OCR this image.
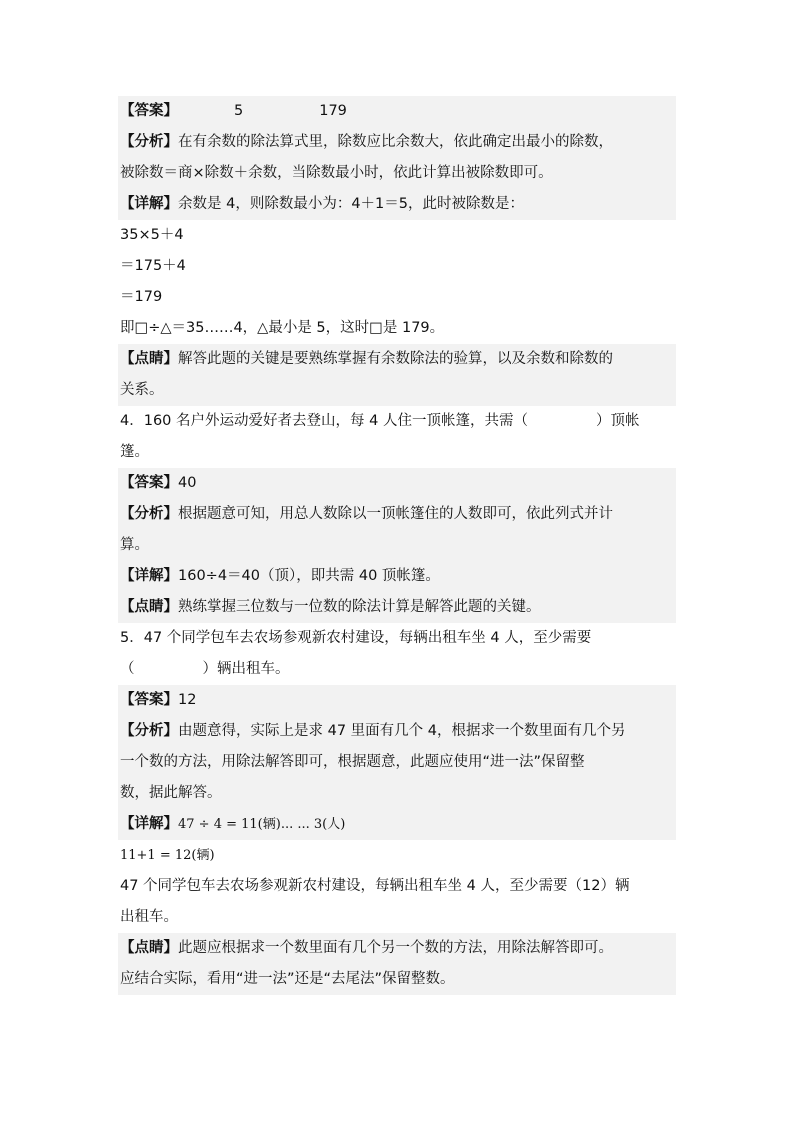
【答案】	5	179
【分析】在有余数的除法算式里，除数应比余数大，依此确定出最小的除数，
被除数＝商×除数＋余数，当除数最小时，依此计算出被除数即可。
【详解】余数是 4，则除数最小为：4＋1＝5，此时被除数是：
35×5＋4
＝175＋4
＝179
即□÷△＝35……4，△最小是 5，这时□是 179。
【点睛】解答此题的关键是要熟练掌握有余数除法的验算，以及余数和除数的
关系。
4．160 名户外运动爱好者去登山，每 4 人住一顶帐篷，共需（	）顶帐
篷。
【答案】40
【分析】根据题意可知，用总人数除以一顶帐篷住的人数即可，依此列式并计
算。
【详解】160÷4＝40（顶），即共需 40 顶帐篷。
【点睛】熟练掌握三位数与一位数的除法计算是解答此题的关键。
5．47 个同学包车去农场参观新农村建设，每辆出租车坐 4 人，至少需要
（	）辆出租车。
【答案】12
【分析】由题意得，实际上是求 47 里面有几个 4，根据求一个数里面有几个另
一个数的方法，用除法解答即可，根据题意，此题应使用“进一法”保留整
数，据此解答。
【详解】47 ÷ 4 = 11(辆)... ... 3(人)
11+1 = 12(辆)
47 个同学包车去农场参观新农村建设，每辆出租车坐 4 人，至少需要（12）辆
出租车。
【点睛】此题应根据求一个数里面有几个另一个数的方法，用除法解答即可。
应结合实际，看用“进一法”还是“去尾法”保留整数。
